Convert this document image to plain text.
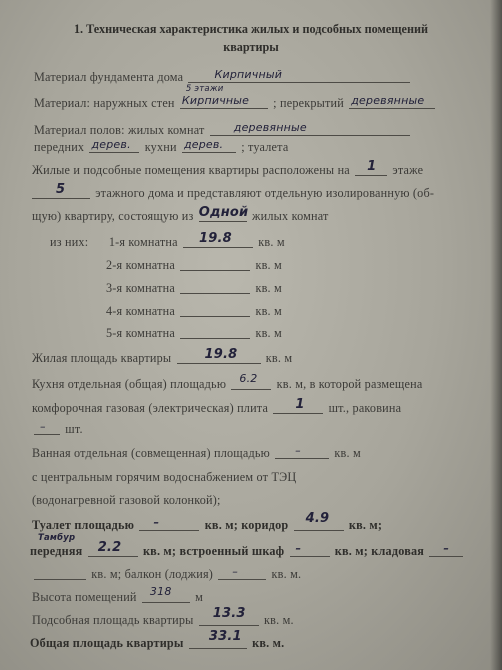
1. Техническая характеристика жилых и подсобных помещений
квартиры
Материал фундамента дома	Кирпичный
Материал: наружных стен
5 этажи
Кирпичные ; перекрытий деревянные
Материал полов: жилых комнат	деревянные
передних дерев. кухни дерев. ; туалета
Жилые и подсобные помещения квартиры расположены на 1 этаже
5 этажного дома и представляют отдельную изолированную (об-
щую) квартиру, состоящую из Одной жилых комнат
из них: 1-я комнатна 19.8 кв. м
2-я комнатна	кв. м
3-я комнатна	кв. м
4-я комнатна	кв. м
5-я комнатна	кв. м
Жилая площадь квартиры	19.8 кв. м
Кухня отдельная (общая) площадью 6.2 кв. м, в которой размещена
комфорочная газовая (электрическая) плита 1 шт., раковина
– шт.
Ванная отдельная (совмещенная) площадью –	кв. м
с центральным горячим водоснабжением от ТЭЦ
(водонагревной газовой колонкой);
Туалет площадью –	кв. м; коридор 4.9 кв. м;
Тамбур
передняя 2.2 кв. м; встроенный шкаф –	кв. м; кладовая –
кв. м; балкон (лоджия) –	кв. м.
Высота помещений 318 м
Подсобная площадь квартиры 13.3 кв. м.
Общая площадь квартиры 33.1 кв. м.
